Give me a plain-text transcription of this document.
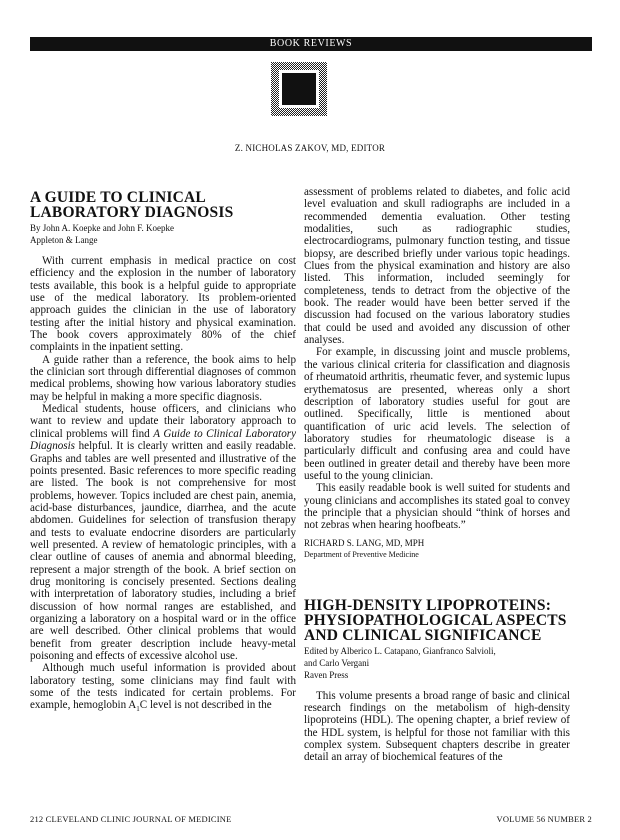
BOOK REVIEWS
Z. NICHOLAS ZAKOV, MD, EDITOR
A GUIDE TO CLINICAL LABORATORY DIAGNOSIS
By John A. Koepke and John F. Koepke
Appleton & Lange

With current emphasis in medical practice on cost efficiency and the explosion in the number of laboratory tests available, this book is a helpful guide to appropriate use of the medical laboratory. Its problem-oriented approach guides the clinician in the use of laboratory testing after the initial history and physical examination. The book covers approximately 80% of the chief complaints in the inpatient setting.

A guide rather than a reference, the book aims to help the clinician sort through differential diagnoses of common medical problems, showing how various laboratory studies may be helpful in making a more specific diagnosis.

Medical students, house officers, and clinicians who want to review and update their laboratory approach to clinical problems will find A Guide to Clinical Laboratory Diagnosis helpful. It is clearly written and easily readable. Graphs and tables are well presented and illustrative of the points presented. Basic references to more specific reading are listed. The book is not comprehensive for most problems, however. Topics included are chest pain, anemia, acid-base disturbances, jaundice, diarrhea, and the acute abdomen. Guidelines for selection of transfusion therapy and tests to evaluate endocrine disorders are particularly well presented. A review of hematologic principles, with a clear outline of causes of anemia and abnormal bleeding, represent a major strength of the book. A brief section on drug monitoring is concisely presented. Sections dealing with interpretation of laboratory studies, including a brief discussion of how normal ranges are established, and organizing a laboratory on a hospital ward or in the office are well described. Other clinical problems that would benefit from greater description include heavy-metal poisoning and effects of excessive alcohol use.

Although much useful information is provided about laboratory testing, some clinicians may find fault with some of the tests indicated for certain problems. For example, hemoglobin $A_1C$ level is not described in the

assessment of problems related to diabetes, and folic acid level evaluation and skull radiographs are included in a recommended dementia evaluation. Other testing modalities, such as radiographic studies, electrocardiograms, pulmonary function testing, and tissue biopsy, are described briefly under various topic headings. Clues from the physical examination and history are also listed. This information, included seemingly for completeness, tends to detract from the objective of the book. The reader would have been better served if the discussion had focused on the various laboratory studies that could be used and avoided any discussion of other analyses.

For example, in discussing joint and muscle problems, the various clinical criteria for classification and diagnosis of rheumatoid arthritis, rheumatic fever, and systemic lupus erythematosus are presented, whereas only a short description of laboratory studies useful for gout are outlined. Specifically, little is mentioned about quantification of uric acid levels. The selection of laboratory studies for rheumatologic disease is a particularly difficult and confusing area and could have been outlined in greater detail and thereby have been more useful to the young clinician.

This easily readable book is well suited for students and young clinicians and accomplishes its stated goal to convey the principle that a physician should “think of horses and not zebras when hearing hoofbeats.”

RICHARD S. LANG, MD, MPH
Department of Preventive Medicine
HIGH-DENSITY LIPOPROTEINS: PHYSIOPATHOLOGICAL ASPECTS AND CLINICAL SIGNIFICANCE
Edited by Alberico L. Catapano, Gianfranco Salvioli,
and Carlo Vergani
Raven Press

This volume presents a broad range of basic and clinical research findings on the metabolism of high-density lipoproteins (HDL). The opening chapter, a brief review of the HDL system, is helpful for those not familiar with this complex system. Subsequent chapters describe in greater detail an array of biochemical features of the

212 CLEVELAND CLINIC JOURNAL OF MEDICINE	VOLUME 56 NUMBER 2
